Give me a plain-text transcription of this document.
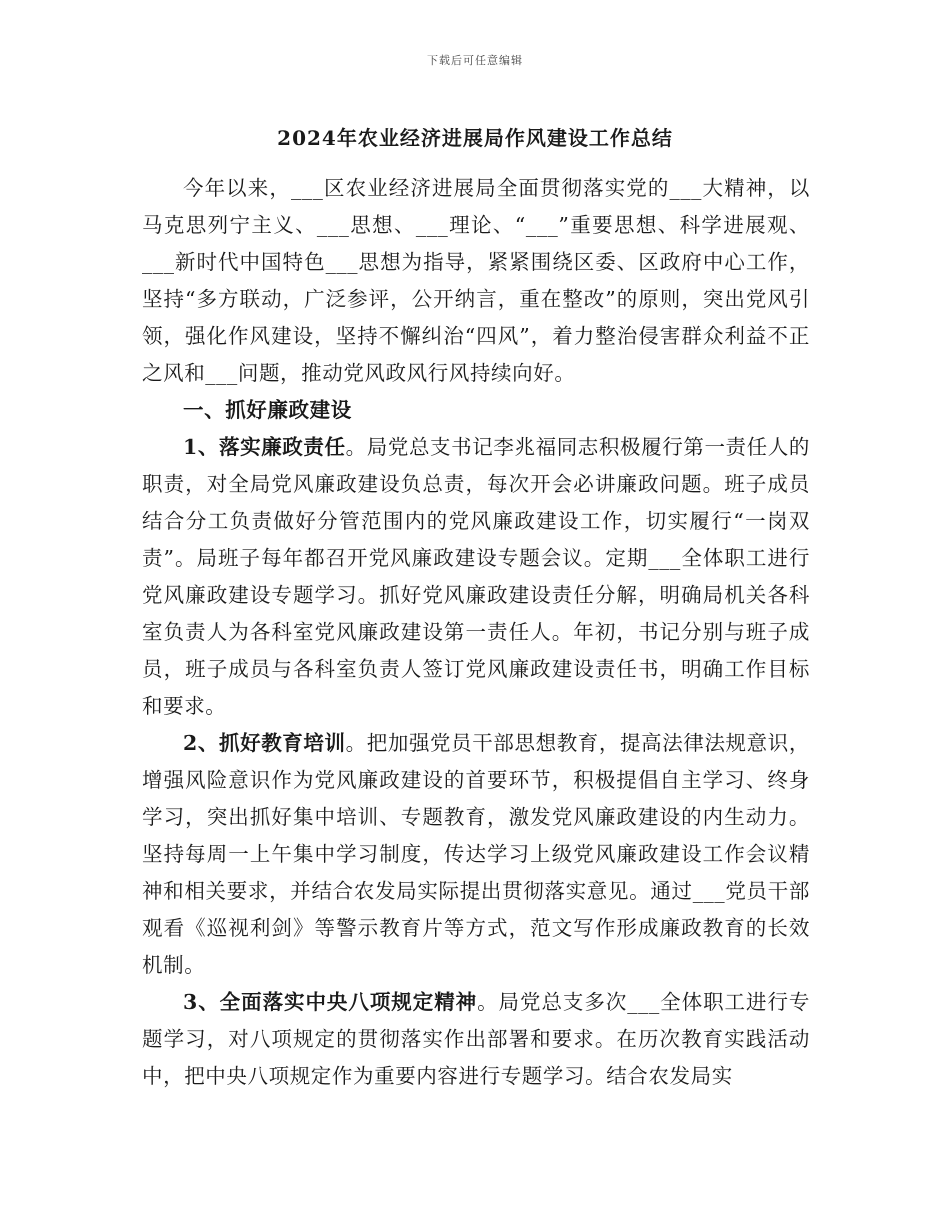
下载后可任意编辑
2024年农业经济进展局作风建设工作总结

今年以来，___区农业经济进展局全面贯彻落实党的___大精神，以马克思列宁主义、___思想、___理论、“___”重要思想、科学进展观、___新时代中国特色___思想为指导，紧紧围绕区委、区政府中心工作，坚持“多方联动，广泛参评，公开纳言，重在整改”的原则，突出党风引领，强化作风建设，坚持不懈纠治“四风”，着力整治侵害群众利益不正之风和___问题，推动党风政风行风持续向好。

一、抓好廉政建设

1、落实廉政责任。局党总支书记李兆福同志积极履行第一责任人的职责，对全局党风廉政建设负总责，每次开会必讲廉政问题。班子成员结合分工负责做好分管范围内的党风廉政建设工作，切实履行“一岗双责”。局班子每年都召开党风廉政建设专题会议。定期___全体职工进行党风廉政建设专题学习。抓好党风廉政建设责任分解，明确局机关各科室负责人为各科室党风廉政建设第一责任人。年初，书记分别与班子成员，班子成员与各科室负责人签订党风廉政建设责任书，明确工作目标和要求。

2、抓好教育培训。把加强党员干部思想教育，提高法律法规意识，增强风险意识作为党风廉政建设的首要环节，积极提倡自主学习、终身学习，突出抓好集中培训、专题教育，激发党风廉政建设的内生动力。坚持每周一上午集中学习制度，传达学习上级党风廉政建设工作会议精神和相关要求，并结合农发局实际提出贯彻落实意见。通过___党员干部观看《巡视利剑》等警示教育片等方式，范文写作形成廉政教育的长效机制。

3、全面落实中央八项规定精神。局党总支多次___全体职工进行专题学习，对八项规定的贯彻落实作出部署和要求。在历次教育实践活动中，把中央八项规定作为重要内容进行专题学习。结合农发局实
